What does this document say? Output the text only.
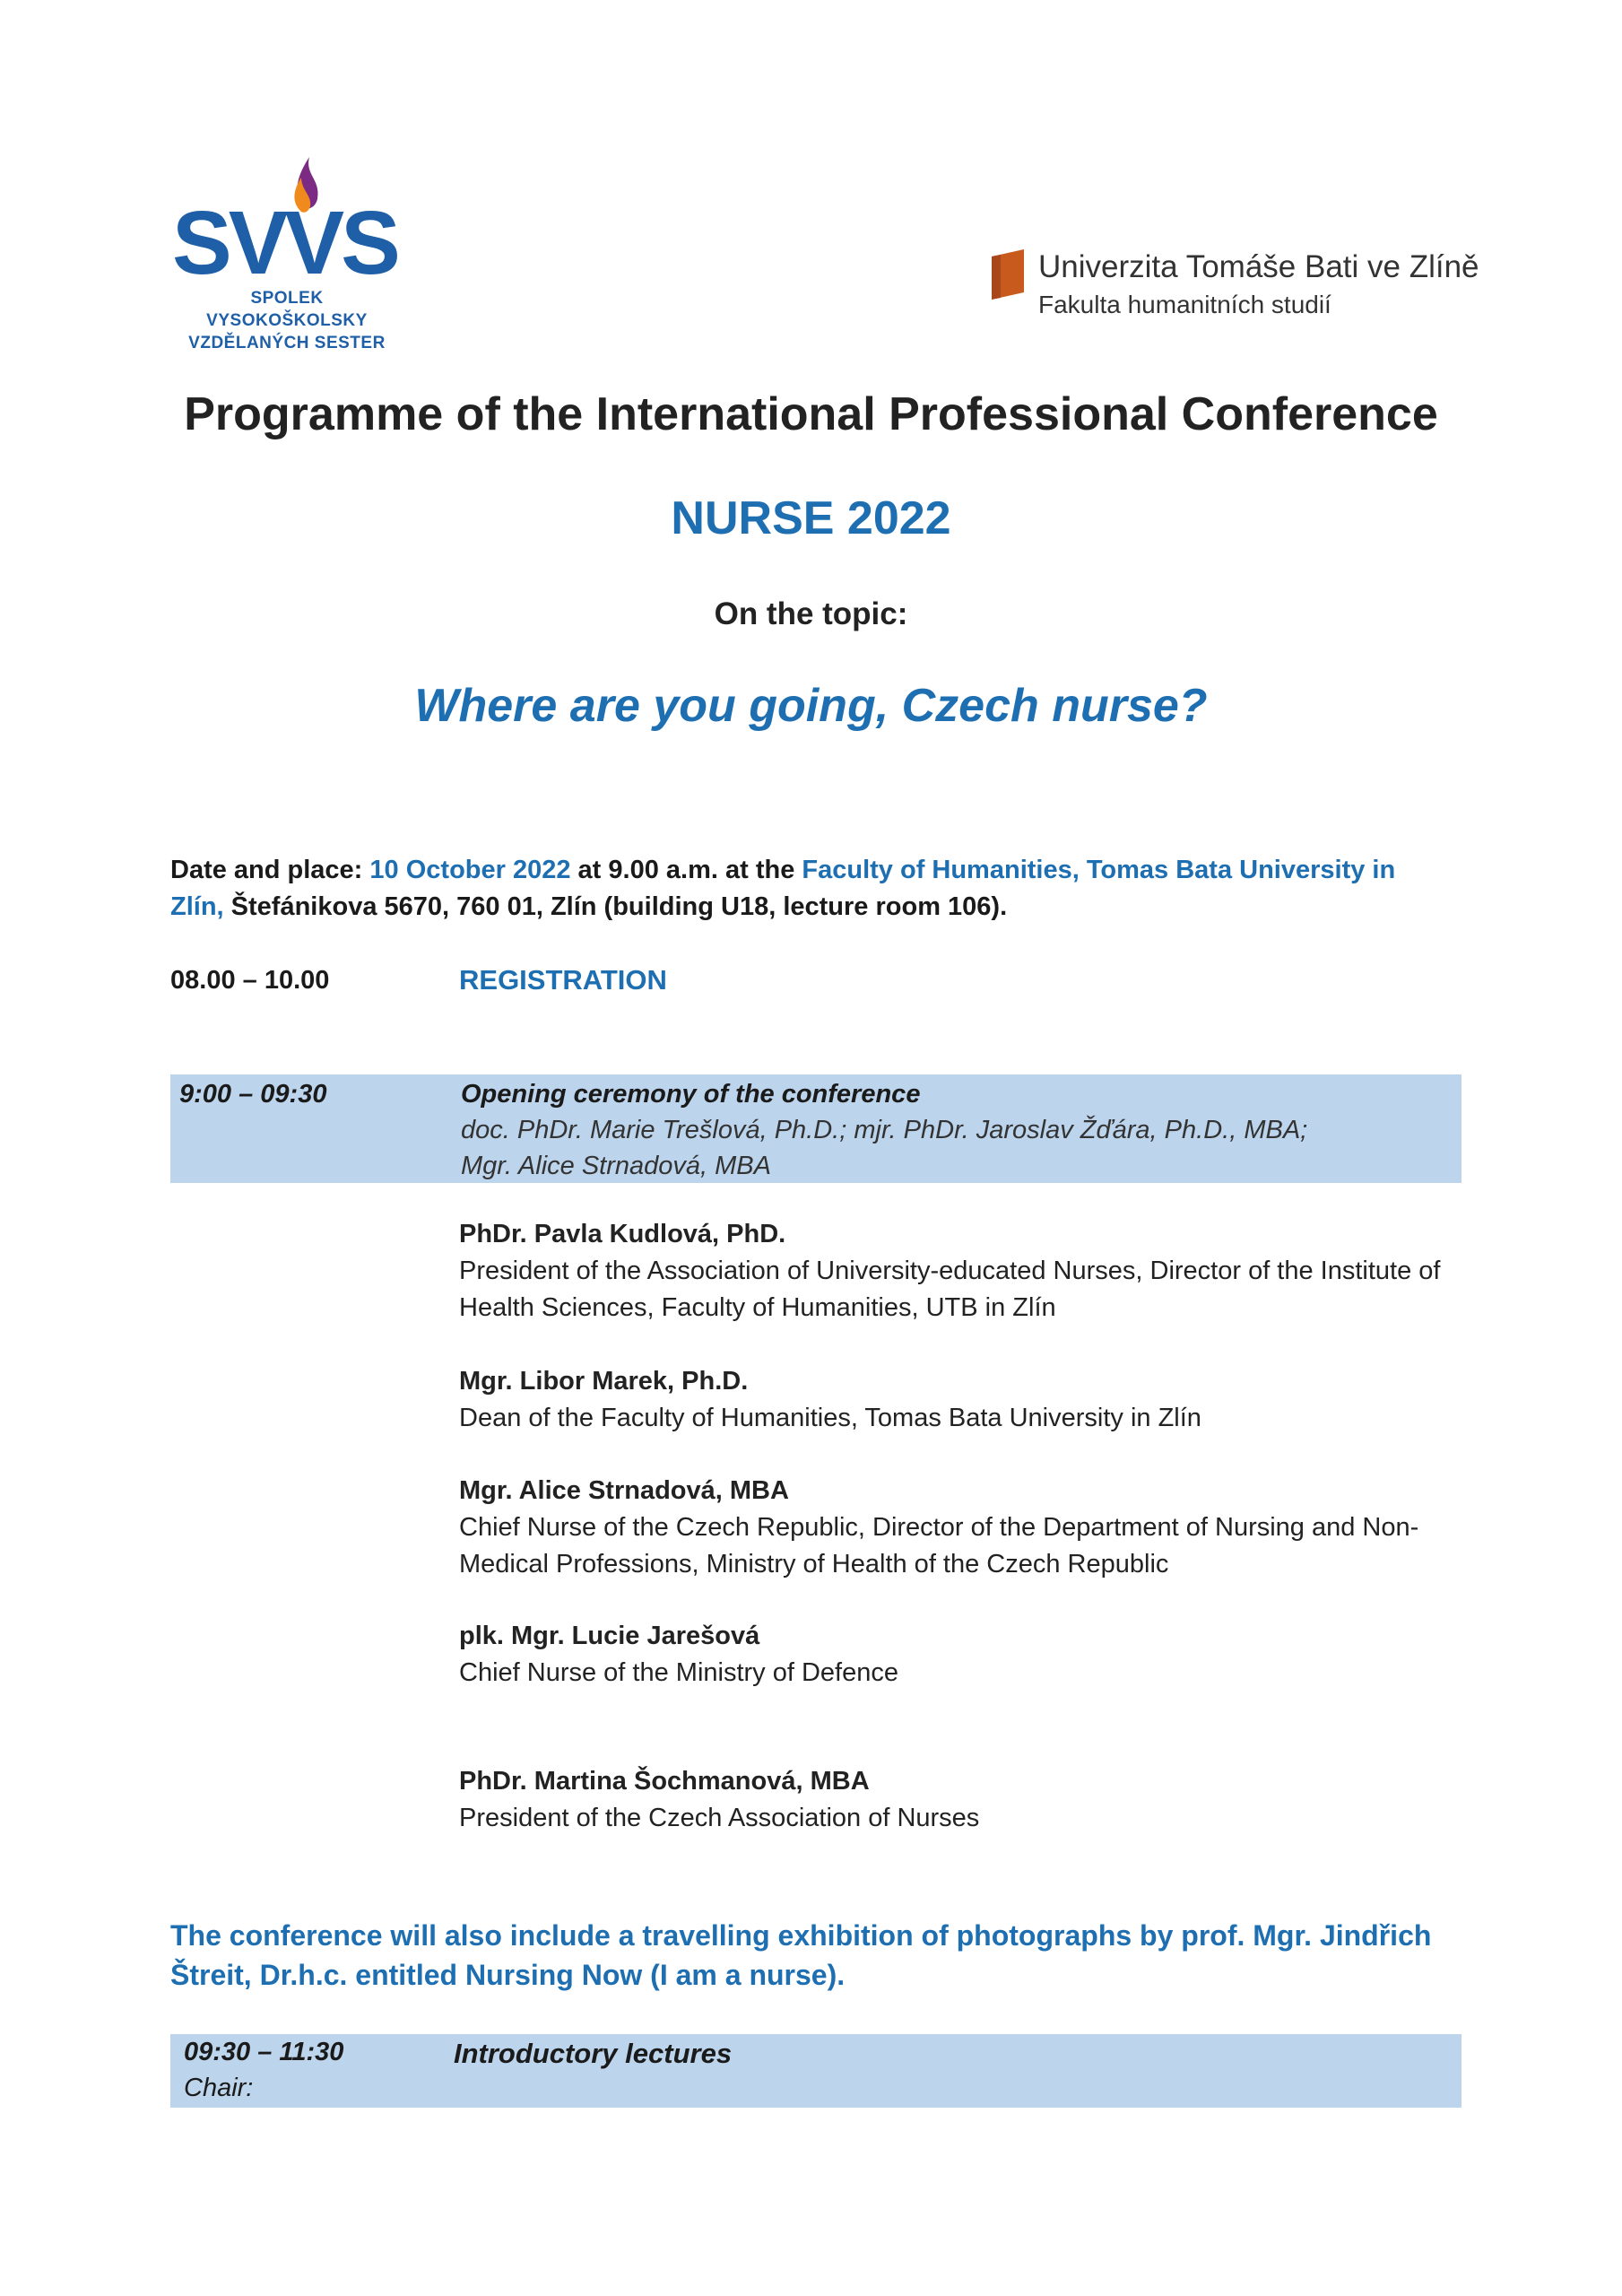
SVVS
SPOLEK VYSOKOŠKOLSKY
VZDĚLANÝCH SESTER
Univerzita Tomáše Bati ve Zlíně
Fakulta humanitních studií
Programme of the International Professional Conference
NURSE 2022
On the topic:
Where are you going, Czech nurse?
Date and place: 10 October 2022 at 9.00 a.m. at the Faculty of Humanities, Tomas Bata University in Zlín, Štefánikova 5670, 760 01, Zlín (building U18, lecture room 106).
08.00 – 10.00	REGISTRATION
9:00 – 09:30	Opening ceremony of the conference
doc. PhDr. Marie Trešlová, Ph.D.; mjr. PhDr. Jaroslav Žďára, Ph.D., MBA;
Mgr. Alice Strnadová, MBA
PhDr. Pavla Kudlová, PhD.
President of the Association of University-educated Nurses, Director of the Institute of Health Sciences, Faculty of Humanities, UTB in Zlín
Mgr. Libor Marek, Ph.D.
Dean of the Faculty of Humanities, Tomas Bata University in Zlín
Mgr. Alice Strnadová, MBA
Chief Nurse of the Czech Republic, Director of the Department of Nursing and Non-Medical Professions, Ministry of Health of the Czech Republic
plk. Mgr. Lucie Jarešová
Chief Nurse of the Ministry of Defence
PhDr. Martina Šochmanová, MBA
President of the Czech Association of Nurses
The conference will also include a travelling exhibition of photographs by prof. Mgr. Jindřich Štreit, Dr.h.c. entitled Nursing Now (I am a nurse).
09:30 – 11:30
Chair:
Introductory lectures
